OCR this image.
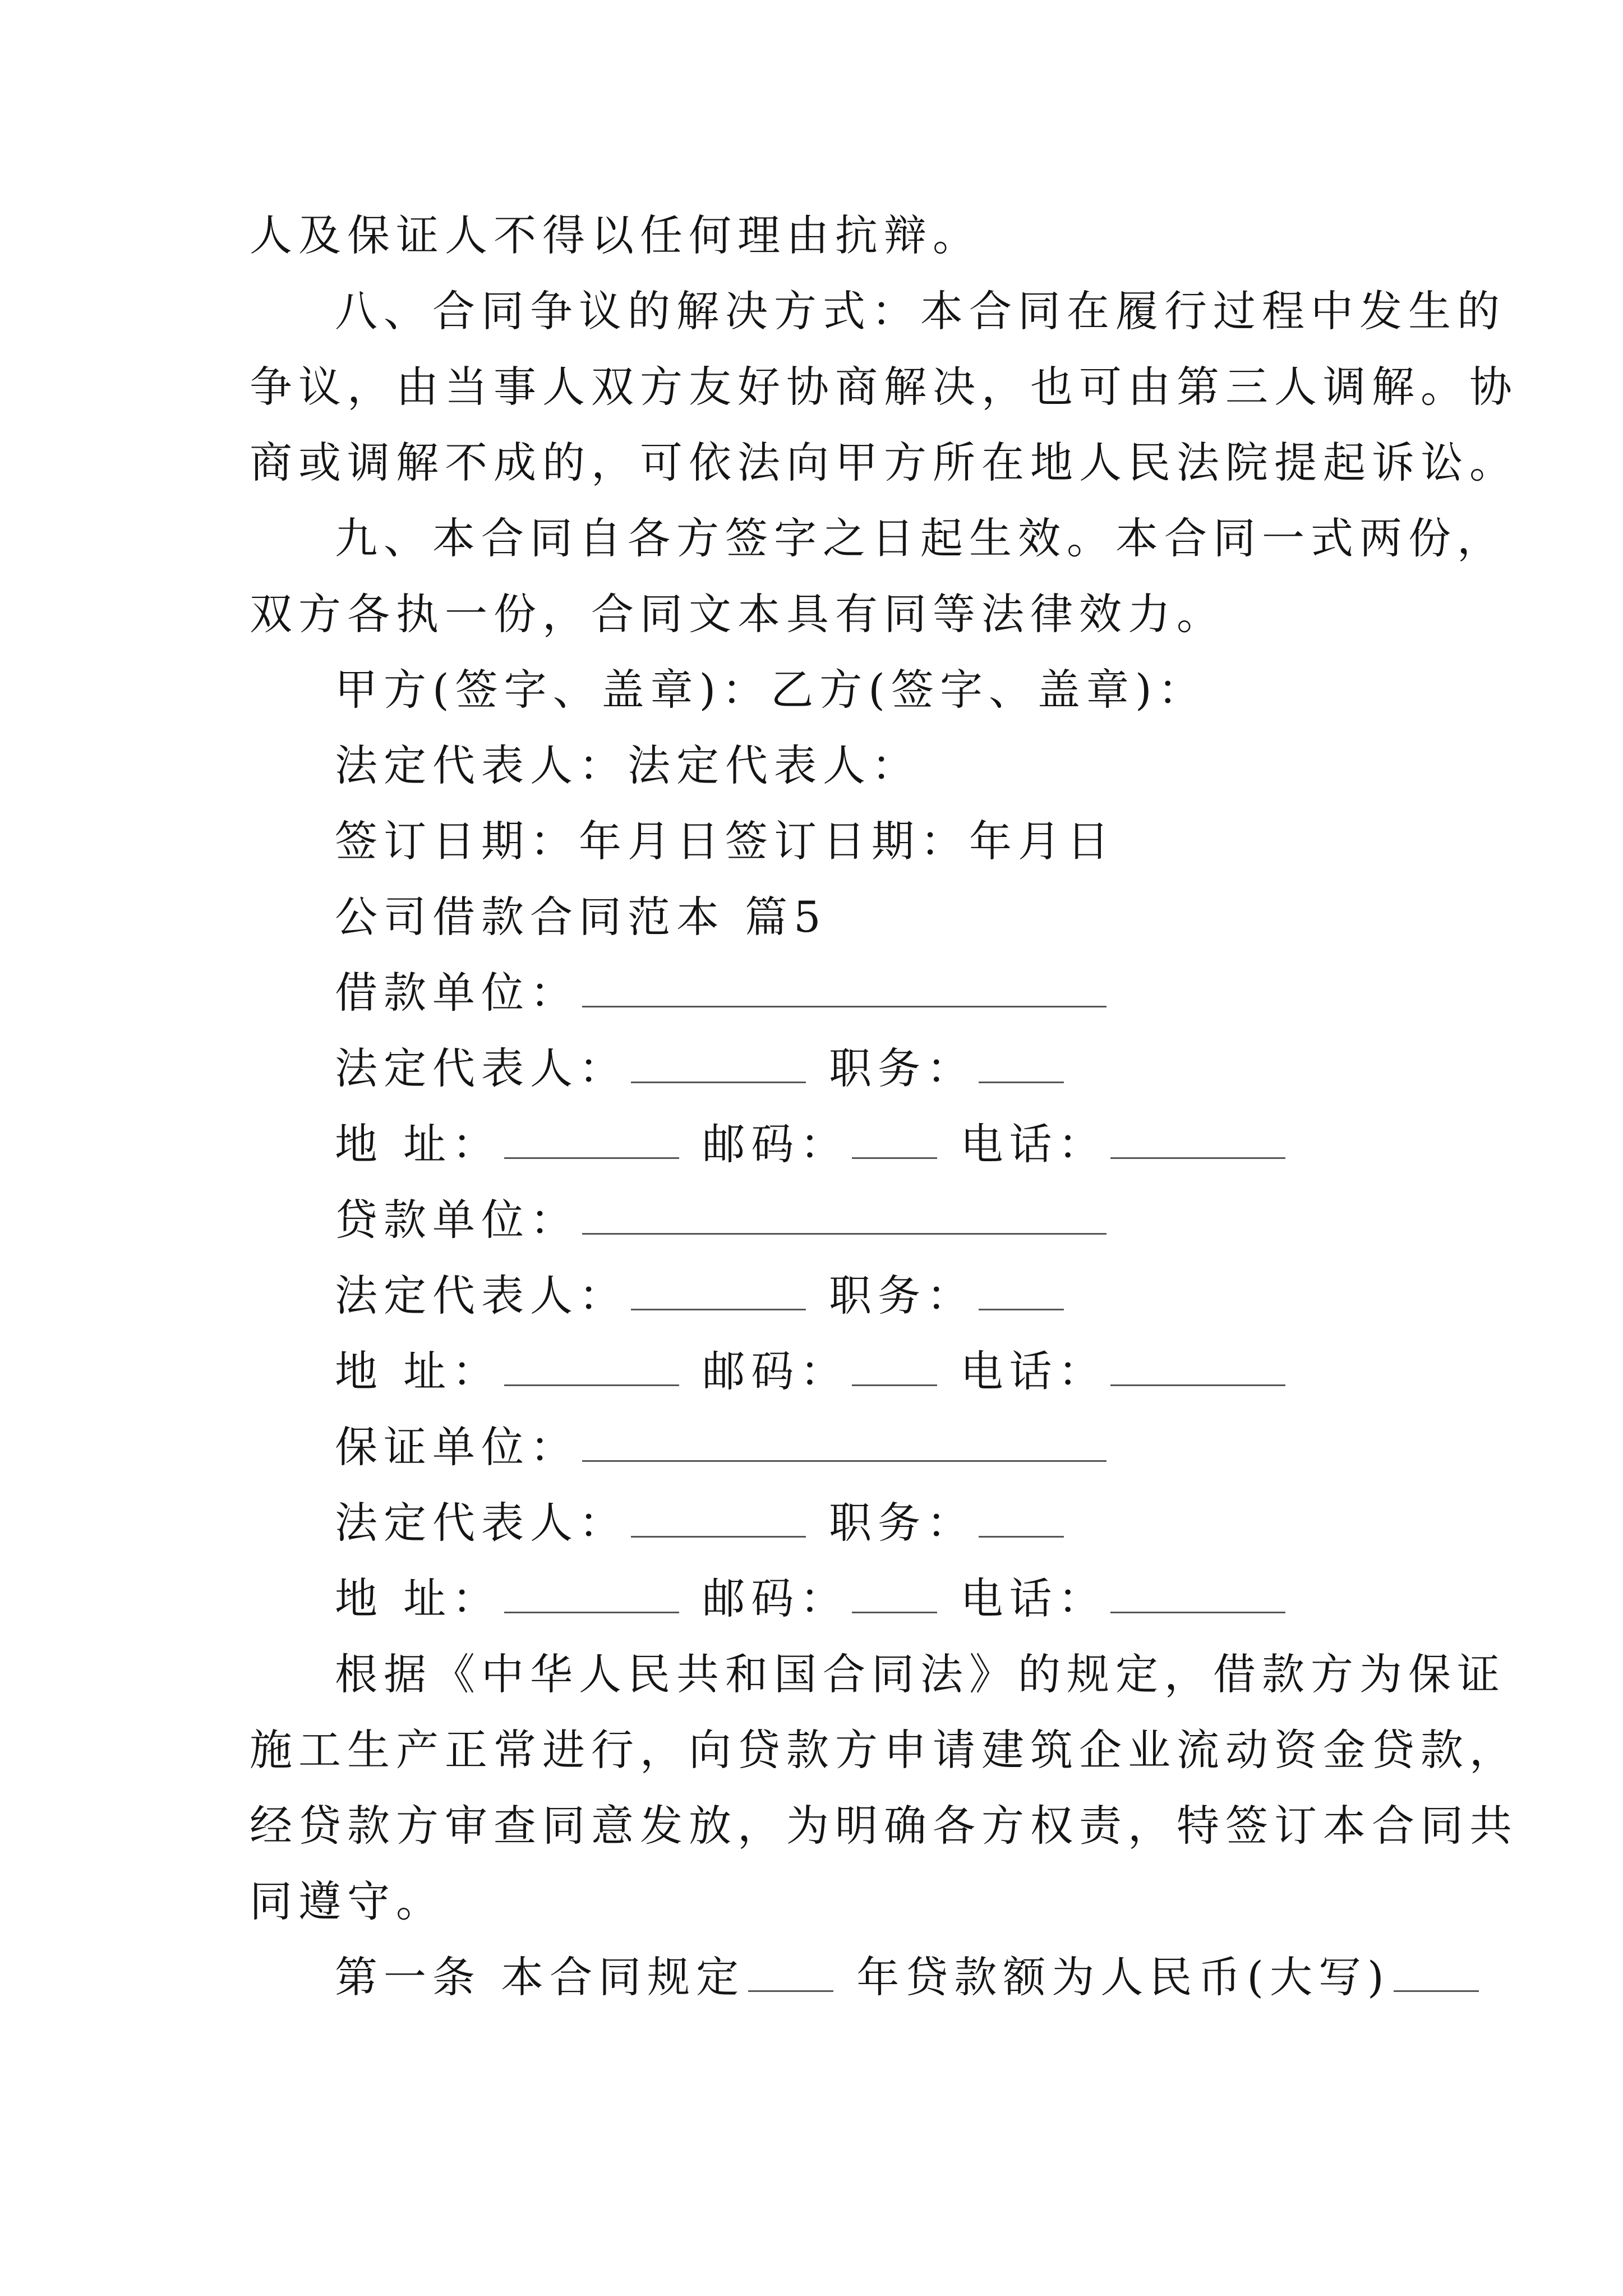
人及保证人不得以任何理由抗辩。
八、合同争议的解决方式：本合同在履行过程中发生的
争议，由当事人双方友好协商解决，也可由第三人调解。协
商或调解不成的，可依法向甲方所在地人民法院提起诉讼。
九、本合同自各方签字之日起生效。本合同一式两份，
双方各执一份，合同文本具有同等法律效力。
甲方(签字、盖章)：乙方(签字、盖章)：
法定代表人：法定代表人：
签订日期：年月日签订日期：年月日
公司借款合同范本 篇5
借款单位：
法定代表人：	职务：
地 址：	邮码：	电话：
贷款单位：
法定代表人：	职务：
地 址：	邮码：	电话：
保证单位：
法定代表人：	职务：
地 址：	邮码：	电话：
根据《中华人民共和国合同法》的规定，借款方为保证
施工生产正常进行，向贷款方申请建筑企业流动资金贷款，
经贷款方审查同意发放，为明确各方权责，特签订本合同共
同遵守。
第一条 本合同规定	年贷款额为人民币(大写)
